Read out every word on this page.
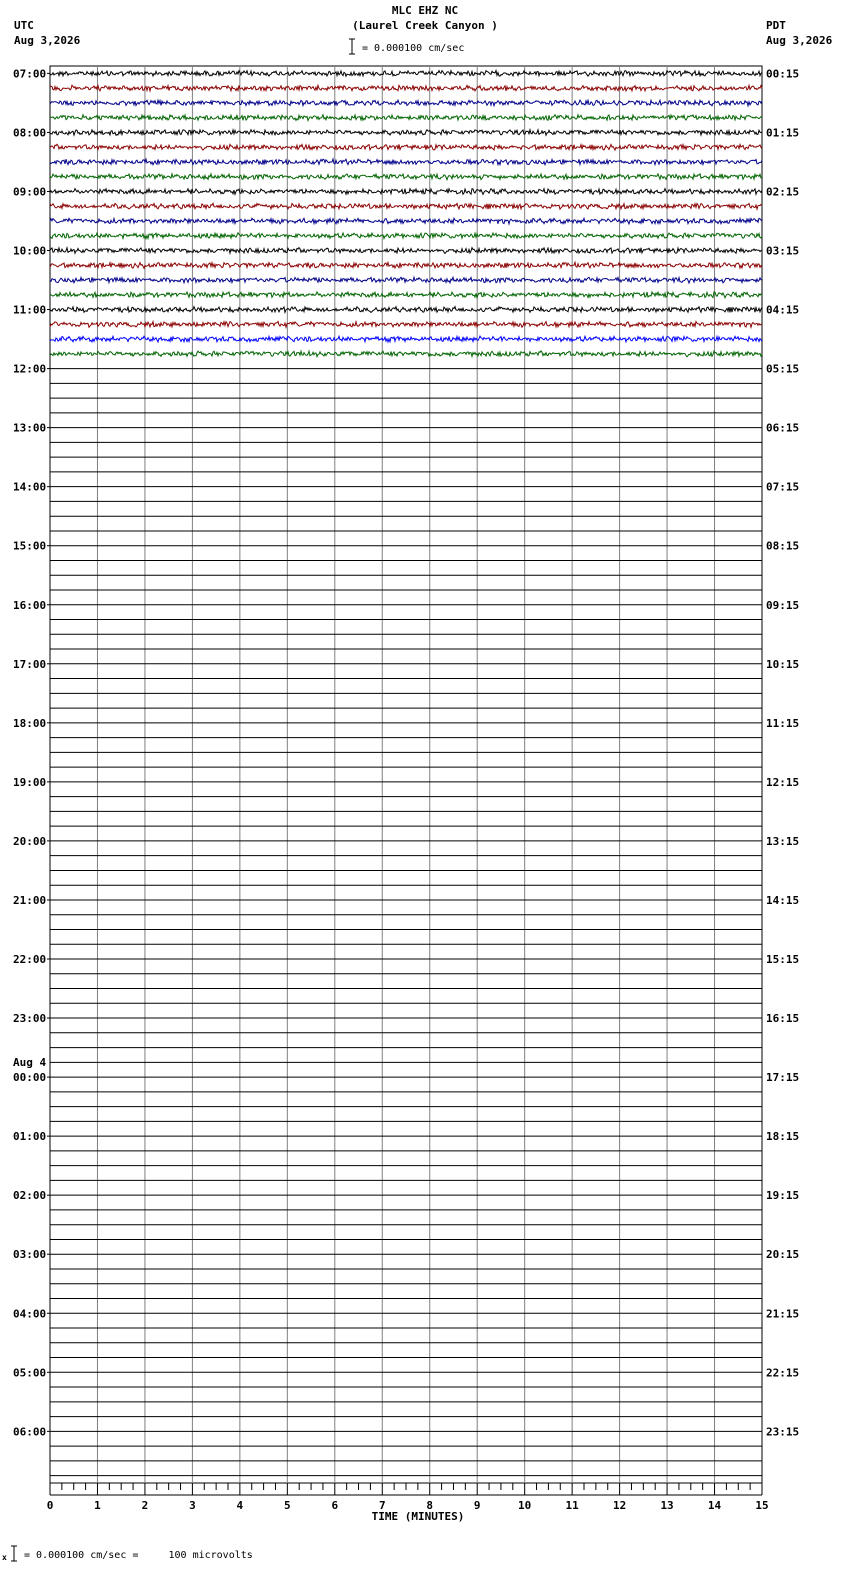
MLC EHZ NC
(Laurel Creek Canyon )
UTC
Aug 3,2026
PDT
Aug 3,2026
= 0.000100 cm/sec
07:00
08:00
09:00
10:00
11:00
12:00
13:00
14:00
15:00
16:00
17:00
18:00
19:00
20:00
21:00
22:00
23:00
00:00
01:00
02:00
03:00
04:00
05:00
06:00
00:15
01:15
02:15
03:15
04:15
05:15
06:15
07:15
08:15
09:15
10:15
11:15
12:15
13:15
14:15
15:15
16:15
17:15
18:15
19:15
20:15
21:15
22:15
23:15
Aug 4
0	1	2	3	4	5	6	7	8	9	10	11	12	13	14	15
TIME (MINUTES)
x = 0.000100 cm/sec =     100 microvolts
